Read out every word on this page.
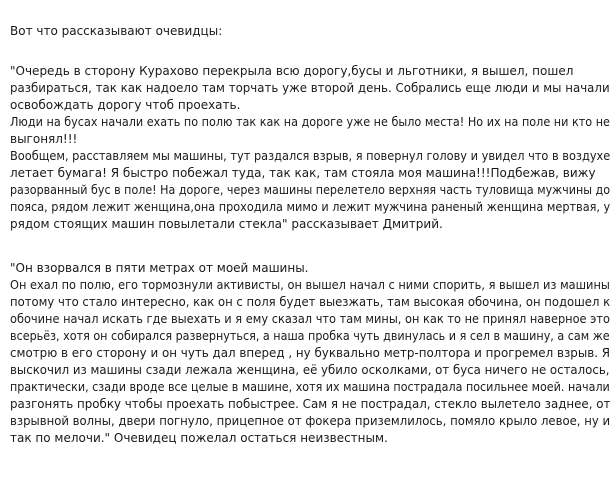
Вот что рассказывают очевидцы:
"Очередь в сторону Курахово перекрыла всю дорогу,бусы и льготники, я вышел, пошел
разбираться, так как надоело там торчать уже второй день. Собрались еще люди и мы начали
освобождать дорогу чтоб проехать.
Люди на бусах начали ехать по полю так как на дороге уже не было места! Но их на поле ни кто не
выгонял!!!
Вообщем, расставляем мы машины, тут раздался взрыв, я повернул голову и увидел что в воздухе
летает бумага! Я быстро побежал туда, так как, там стояла моя машина!!!Подбежав, вижу
разорванный бус в поле! На дороге, через машины перелетело верхняя часть туловища мужчины до
пояса, рядом лежит женщина,она проходила мимо и лежит мужчина раненый женщина мертвая, у
рядом стоящих машин повылетали стекла" рассказывает Дмитрий.
"Он взорвался в пяти метрах от моей машины.
Он ехал по полю, его тормознули активисты, он вышел начал с ними спорить, я вышел из машины
потому что стало интересно, как он с поля будет выезжать, там высокая обочина, он подошел к
обочине начал искать где выехать и я ему сказал что там мины, он как то не принял наверное это
всерьёз, хотя он собирался развернуться, а наша пробка чуть двинулась и я сел в машину, а сам же
смотрю в его сторону и он чуть дал вперед , ну буквально метр-полтора и прогремел взрыв. Я
выскочил из машины сзади лежала женщина, её убило осколками, от буса ничего не осталось,
практически, сзади вроде все целые в машине, хотя их машина пострадала посильнее моей. начали
разгонять пробку чтобы проехать побыстрее. Сам я не пострадал, стекло вылетело заднее, от
взрывной волны, двери погнуло, прицепное от фокера приземлилось, помяло крыло левое, ну и
так по мелочи." Очевидец пожелал остаться неизвестным.
